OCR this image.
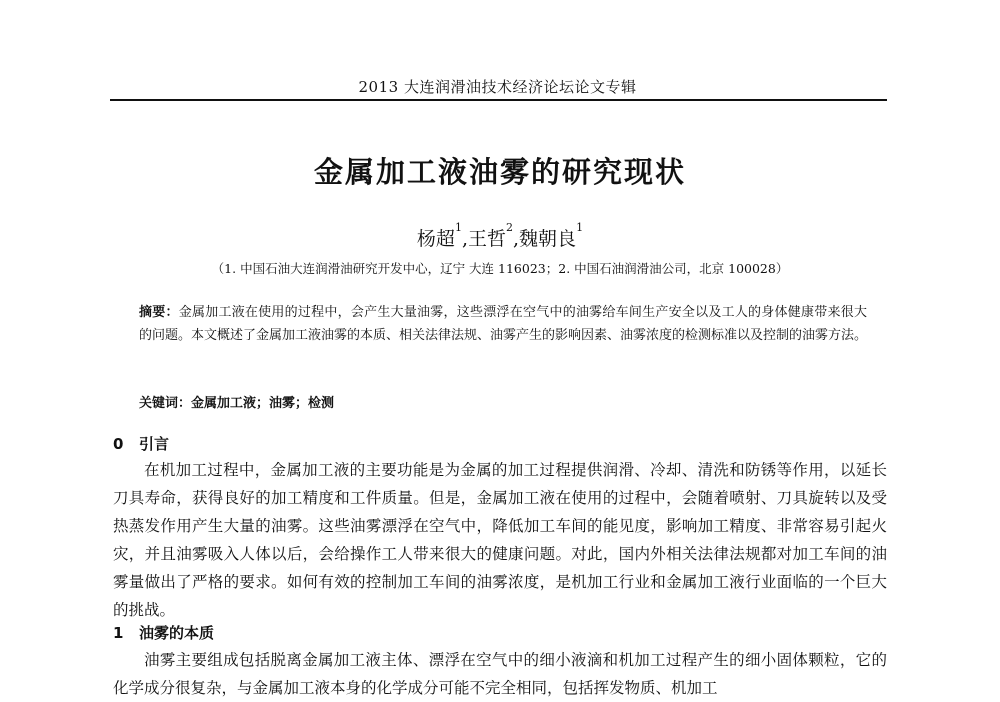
2013 大连润滑油技术经济论坛论文专辑
金属加工液油雾的研究现状
杨超$^1$,王哲$^2$,魏朝良$^1$
（1. 中国石油大连润滑油研究开发中心，辽宁 大连 116023；2. 中国石油润滑油公司，北京 100028）
摘要：金属加工液在使用的过程中，会产生大量油雾，这些漂浮在空气中的油雾给车间生产安全以及工人的身体健康带来很大的问题。本文概述了金属加工液油雾的本质、相关法律法规、油雾产生的影响因素、油雾浓度的检测标准以及控制的油雾方法。
关键词：金属加工液；油雾；检测
0 引言
在机加工过程中，金属加工液的主要功能是为金属的加工过程提供润滑、冷却、清洗和防锈等作用，以延长刀具寿命，获得良好的加工精度和工件质量。但是，金属加工液在使用的过程中，会随着喷射、刀具旋转以及受热蒸发作用产生大量的油雾。这些油雾漂浮在空气中，降低加工车间的能见度，影响加工精度、非常容易引起火灾，并且油雾吸入人体以后，会给操作工人带来很大的健康问题。对此，国内外相关法律法规都对加工车间的油雾量做出了严格的要求。如何有效的控制加工车间的油雾浓度，是机加工行业和金属加工液行业面临的一个巨大的挑战。
1 油雾的本质
油雾主要组成包括脱离金属加工液主体、漂浮在空气中的细小液滴和机加工过程产生的细小固体颗粒，它的化学成分很复杂，与金属加工液本身的化学成分可能不完全相同，包括挥发物质、机加工
